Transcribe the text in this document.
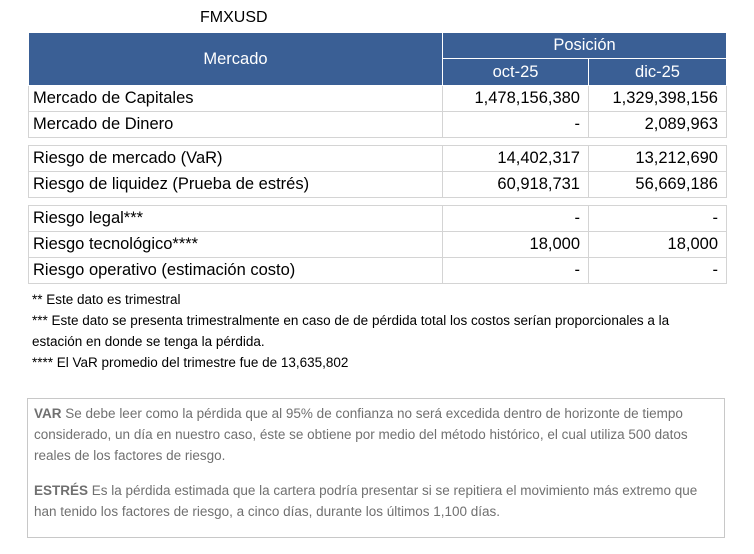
FMXUSD
Mercado	Posición	
	oct-25	dic-25
Mercado de Capitales	1,478,156,380	1,329,398,156
Mercado de Dinero	-	2,089,963

Riesgo de mercado (VaR)	14,402,317	13,212,690
Riesgo de liquidez (Prueba de estrés)	60,918,731	56,669,186

Riesgo legal***	-	-
Riesgo tecnológico****	18,000	18,000
Riesgo operativo (estimación costo)	-	-

** Este dato es trimestral

*** Este dato se presenta trimestralmente en caso de de pérdida total los costos serían proporcionales a la estación en donde se tenga la pérdida.

**** El VaR promedio del trimestre fue de 13,635,802

VAR Se debe leer como la pérdida que al 95% de confianza no será excedida dentro de horizonte de tiempo considerado, un día en nuestro caso, éste se obtiene por medio del método histórico, el cual utiliza 500 datos reales de los factores de riesgo.

ESTRÉS Es la pérdida estimada que la cartera podría presentar si se repitiera el movimiento más extremo que han tenido los factores de riesgo, a cinco días, durante los últimos 1,100 días.
